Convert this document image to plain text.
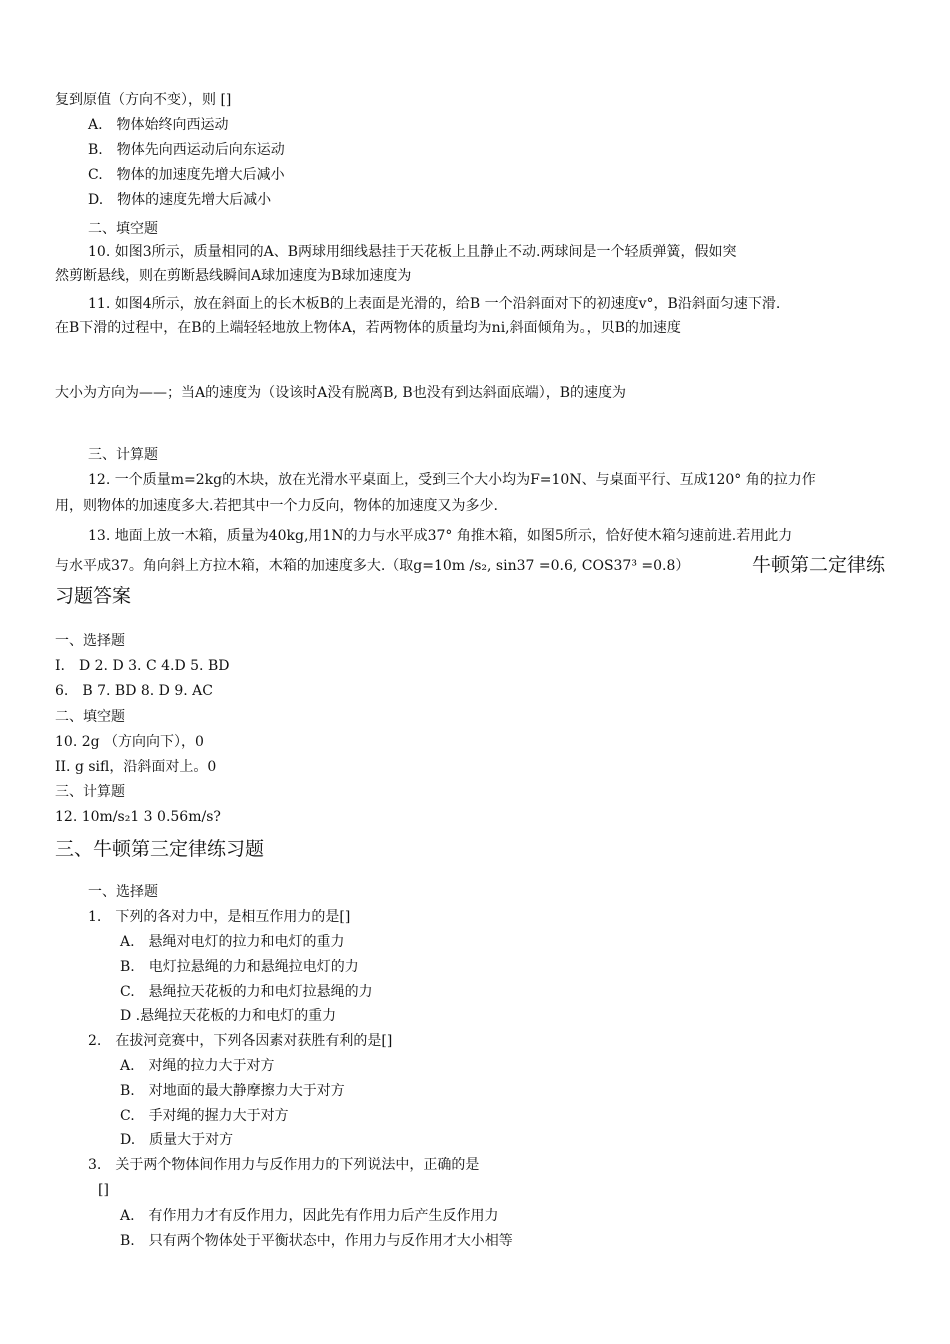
复到原值（方向不变），则 []
A.　物体始终向西运动
B.　物体先向西运动后向东运动
C.　物体的加速度先增大后减小
D.　物体的速度先增大后减小
二、填空题
10. 如图3所示，质量相同的A、B两球用细线悬挂于天花板上且静止不动.两球间是一个轻质弹簧，假如突
然剪断悬线，则在剪断悬线瞬间A球加速度为B球加速度为
11. 如图4所示，放在斜面上的长木板B的上表面是光滑的，给B 一个沿斜面对下的初速度v°，B沿斜面匀速下滑.
在B下滑的过程中，在B的上端轻轻地放上物体A，若两物体的质量均为ni,斜面倾角为。，贝B的加速度
大小为方向为——；当A的速度为（设该时A没有脱离B, B也没有到达斜面底端），B的速度为
三、计算题
12. 一个质量m=2kg的木块，放在光滑水平桌面上，受到三个大小均为F=10N、与桌面平行、互成120° 角的拉力作
用，则物体的加速度多大.若把其中一个力反向，物体的加速度又为多少.
13. 地面上放一木箱，质量为40kg,用1N的力与水平成37° 角推木箱，如图5所示，恰好使木箱匀速前进.若用此力
与水平成37。角向斜上方拉木箱，木箱的加速度多大.（取g=10m /s₂, sin37 =0.6, COS37³ =0.8）	牛顿第二定律练
习题答案
一、选择题
I.　D 2. D 3. C 4.D 5. BD
6.　B 7. BD 8. D 9. AC
二、填空题
10. 2g （方向向下），0
II. g sifl，沿斜面对上。0
三、计算题
12. 10m/s₂1 3 0.56m/s?
三、牛顿第三定律练习题
一、选择题
1.　下列的各对力中，是相互作用力的是[]
A.　悬绳对电灯的拉力和电灯的重力
B.　电灯拉悬绳的力和悬绳拉电灯的力
C.　悬绳拉天花板的力和电灯拉悬绳的力
D .悬绳拉天花板的力和电灯的重力
2.　在拔河竞赛中，下列各因素对获胜有利的是[]
A.　对绳的拉力大于对方
B.　对地面的最大静摩擦力大于对方
C.　手对绳的握力大于对方
D.　质量大于对方
3.　关于两个物体间作用力与反作用力的下列说法中，正确的是
[]
A.　有作用力才有反作用力，因此先有作用力后产生反作用力
B.　只有两个物体处于平衡状态中，作用力与反作用才大小相等
